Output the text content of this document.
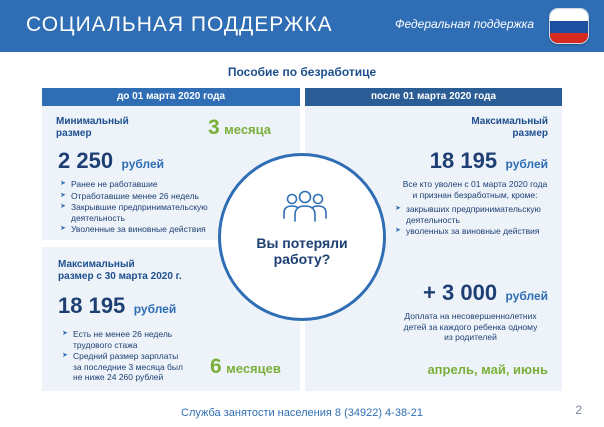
СОЦИАЛЬНАЯ ПОДДЕРЖКА	Федеральная поддержка
Пособие по безработице
до 01 марта 2020 года	после 01 марта 2020 года
Минимальный
размер	3 месяца
2 250 рублей
➤ Ранее не работавшие
➤ Отработавшие менее 26 недель
➤ Закрывшие предпринимательскую деятельность
➤ Уволенные за виновные действия
Максимальный
размер с 30 марта 2020 г.
18 195 рублей
➤ Есть не менее 26 недель трудового стажа
➤ Средний размер зарплаты за последние 3 месяца был не ниже 24 260 рублей	6 месяцев
Максимальный
размер
18 195 рублей
Все кто уволен с 01 марта 2020 года
и признан безработным, кроме:
➤ закрывших предпринимательскую деятельность
➤ уволенных за виновные действия
+ 3 000 рублей
Доплата на несовершеннолетних
детей за каждого ребенка одному
из родителей
апрель, май, июнь
Вы потеряли
работу?
Служба занятости населения 8 (34922) 4-38-21	2
